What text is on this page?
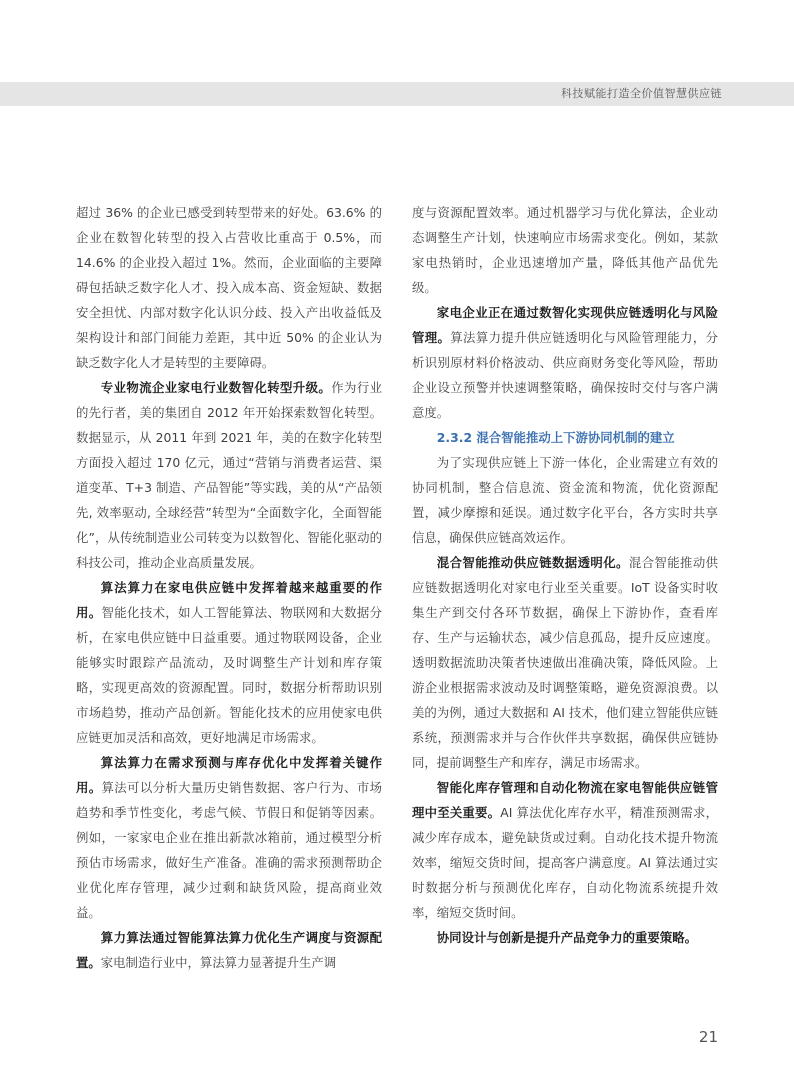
科技赋能打造全价值智慧供应链

超过 36% 的企业已感受到转型带来的好处。63.6% 的企业在数智化转型的投入占营收比重高于 0.5%，而 14.6% 的企业投入超过 1%。然而，企业面临的主要障碍包括缺乏数字化人才、投入成本高、资金短缺、数据安全担忧、内部对数字化认识分歧、投入产出收益低及架构设计和部门间能力差距，其中近 50% 的企业认为缺乏数字化人才是转型的主要障碍。

专业物流企业家电行业数智化转型升级。作为行业的先行者，美的集团自 2012 年开始探索数智化转型。数据显示，从 2011 年到 2021 年，美的在数字化转型方面投入超过 170 亿元，通过“营销与消费者运营、渠道变革、T+3 制造、产品智能”等实践，美的从“产品领先, 效率驱动, 全球经营”转型为“全面数字化，全面智能化”，从传统制造业公司转变为以数智化、智能化驱动的科技公司，推动企业高质量发展。

算法算力在家电供应链中发挥着越来越重要的作用。智能化技术，如人工智能算法、物联网和大数据分析，在家电供应链中日益重要。通过物联网设备，企业能够实时跟踪产品流动，及时调整生产计划和库存策略，实现更高效的资源配置。同时，数据分析帮助识别市场趋势，推动产品创新。智能化技术的应用使家电供应链更加灵活和高效，更好地满足市场需求。

算法算力在需求预测与库存优化中发挥着关键作用。算法可以分析大量历史销售数据、客户行为、市场趋势和季节性变化，考虑气候、节假日和促销等因素。例如，一家家电企业在推出新款冰箱前，通过模型分析预估市场需求，做好生产准备。准确的需求预测帮助企业优化库存管理，减少过剩和缺货风险，提高商业效益。

算力算法通过智能算法算力优化生产调度与资源配置。家电制造行业中，算法算力显著提升生产调

度与资源配置效率。通过机器学习与优化算法，企业动态调整生产计划，快速响应市场需求变化。例如，某款家电热销时，企业迅速增加产量，降低其他产品优先级。

家电企业正在通过数智化实现供应链透明化与风险管理。算法算力提升供应链透明化与风险管理能力，分析识别原材料价格波动、供应商财务变化等风险，帮助企业设立预警并快速调整策略，确保按时交付与客户满意度。

2.3.2 混合智能推动上下游协同机制的建立

为了实现供应链上下游一体化，企业需建立有效的协同机制，整合信息流、资金流和物流，优化资源配置，减少摩擦和延误。通过数字化平台，各方实时共享信息，确保供应链高效运作。

混合智能推动供应链数据透明化。混合智能推动供应链数据透明化对家电行业至关重要。IoT 设备实时收集生产到交付各环节数据，确保上下游协作，查看库存、生产与运输状态，减少信息孤岛，提升反应速度。透明数据流助决策者快速做出准确决策，降低风险。上游企业根据需求波动及时调整策略，避免资源浪费。以美的为例，通过大数据和 AI 技术，他们建立智能供应链系统，预测需求并与合作伙伴共享数据，确保供应链协同，提前调整生产和库存，满足市场需求。

智能化库存管理和自动化物流在家电智能供应链管理中至关重要。AI 算法优化库存水平，精准预测需求，减少库存成本，避免缺货或过剩。自动化技术提升物流效率，缩短交货时间，提高客户满意度。AI 算法通过实时数据分析与预测优化库存，自动化物流系统提升效率，缩短交货时间。

协同设计与创新是提升产品竞争力的重要策略。

21
